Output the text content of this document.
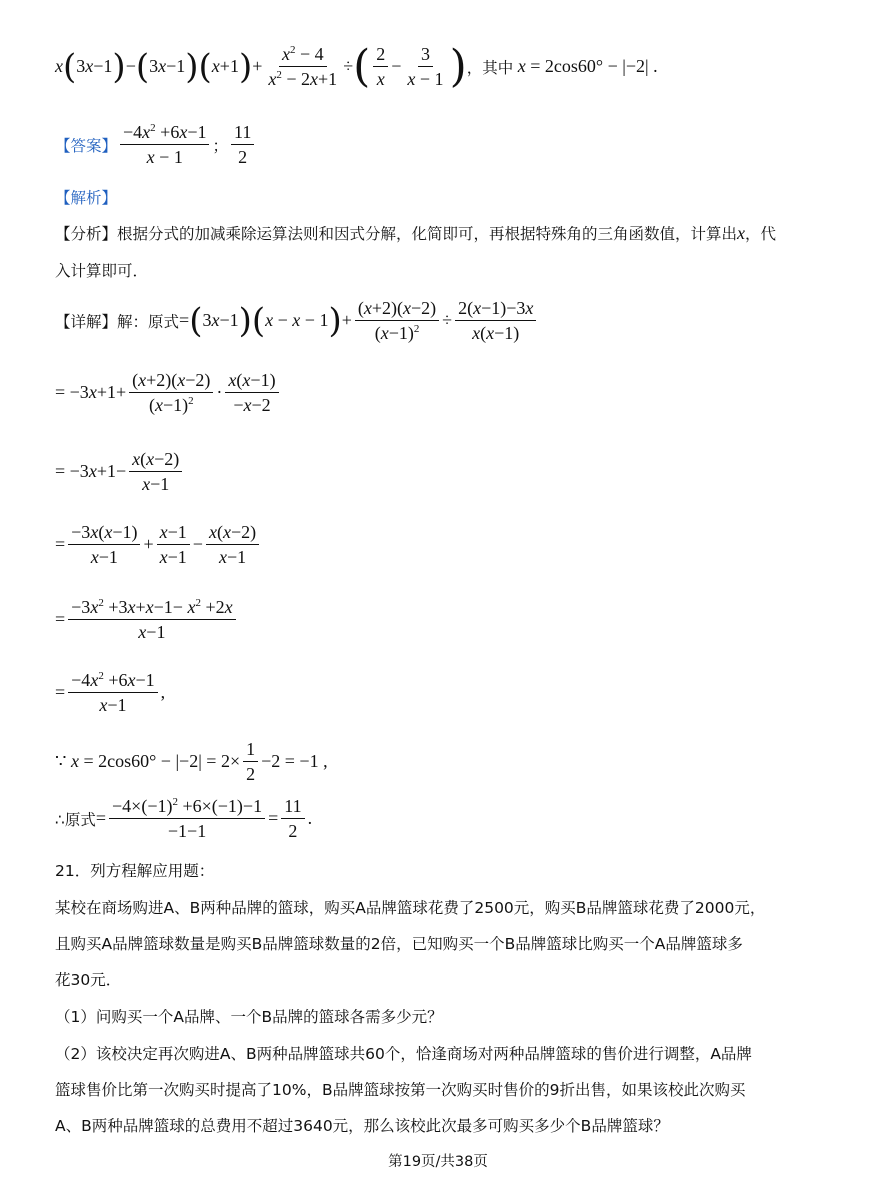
x ( 3x−1 ) − ( 3x−1 ) ( x+1 ) + $\frac{x^2 - 4}{x^2 - 2x+1}$ ÷ ( $\frac{2}{x} - \frac{3}{x - 1}$ ) ，其中 x = 2cos60° − |−2| .
【答案】 $\frac{-4x^2 +6x-1}{x - 1}$ ； $\frac{11}{2}$
【解析】
【分析】根据分式的加减乘除运算法则和因式分解，化简即可，再根据特殊角的三角函数值，计算出x，代
入计算即可．
【详解】 解：原式 = ( 3x−1 ) ( x − x − 1 ) + $\frac{(x+2)(x-2)}{(x-1)^2} \div \frac{2(x-1)-3x}{x(x-1)}$
= $-3x+1+ \frac{(x+2)(x-2)}{(x-1)^2} \cdot \frac{x(x-1)}{-x-2}$
= $-3x+1- \frac{x(x-2)}{x-1}$
= $\frac{-3x(x-1)}{x-1} + \frac{x-1}{x-1} - \frac{x(x-2)}{x-1}$
= $\frac{-3x^2 +3x+x-1- x^2 +2x}{x-1}$
= $\frac{-4x^2 +6x-1}{x-1}$ ,
∵ $x = 2\cos 60^\circ - |-2| = 2\times \frac{1}{2} -2 = -1$ ,
∴原式 = $\frac{-4\times(-1)^2 +6\times(-1)-1}{-1-1} = \frac{11}{2}$ .
21．列方程解应用题：
某校在商场购进A、B两种品牌的篮球，购买A品牌篮球花费了2500元，购买B品牌篮球花费了2000元，
且购买A品牌篮球数量是购买B品牌篮球数量的2倍，已知购买一个B品牌篮球比购买一个A品牌篮球多
花30元．
（1）问购买一个A品牌、一个B品牌的篮球各需多少元？
（2）该校决定再次购进A、B两种品牌篮球共60个，恰逢商场对两种品牌篮球的售价进行调整，A品牌
篮球售价比第一次购买时提高了10%，B品牌篮球按第一次购买时售价的9折出售，如果该校此次购买
A、B两种品牌篮球的总费用不超过3640元，那么该校此次最多可购买多少个B品牌篮球？
第19页/共38页
